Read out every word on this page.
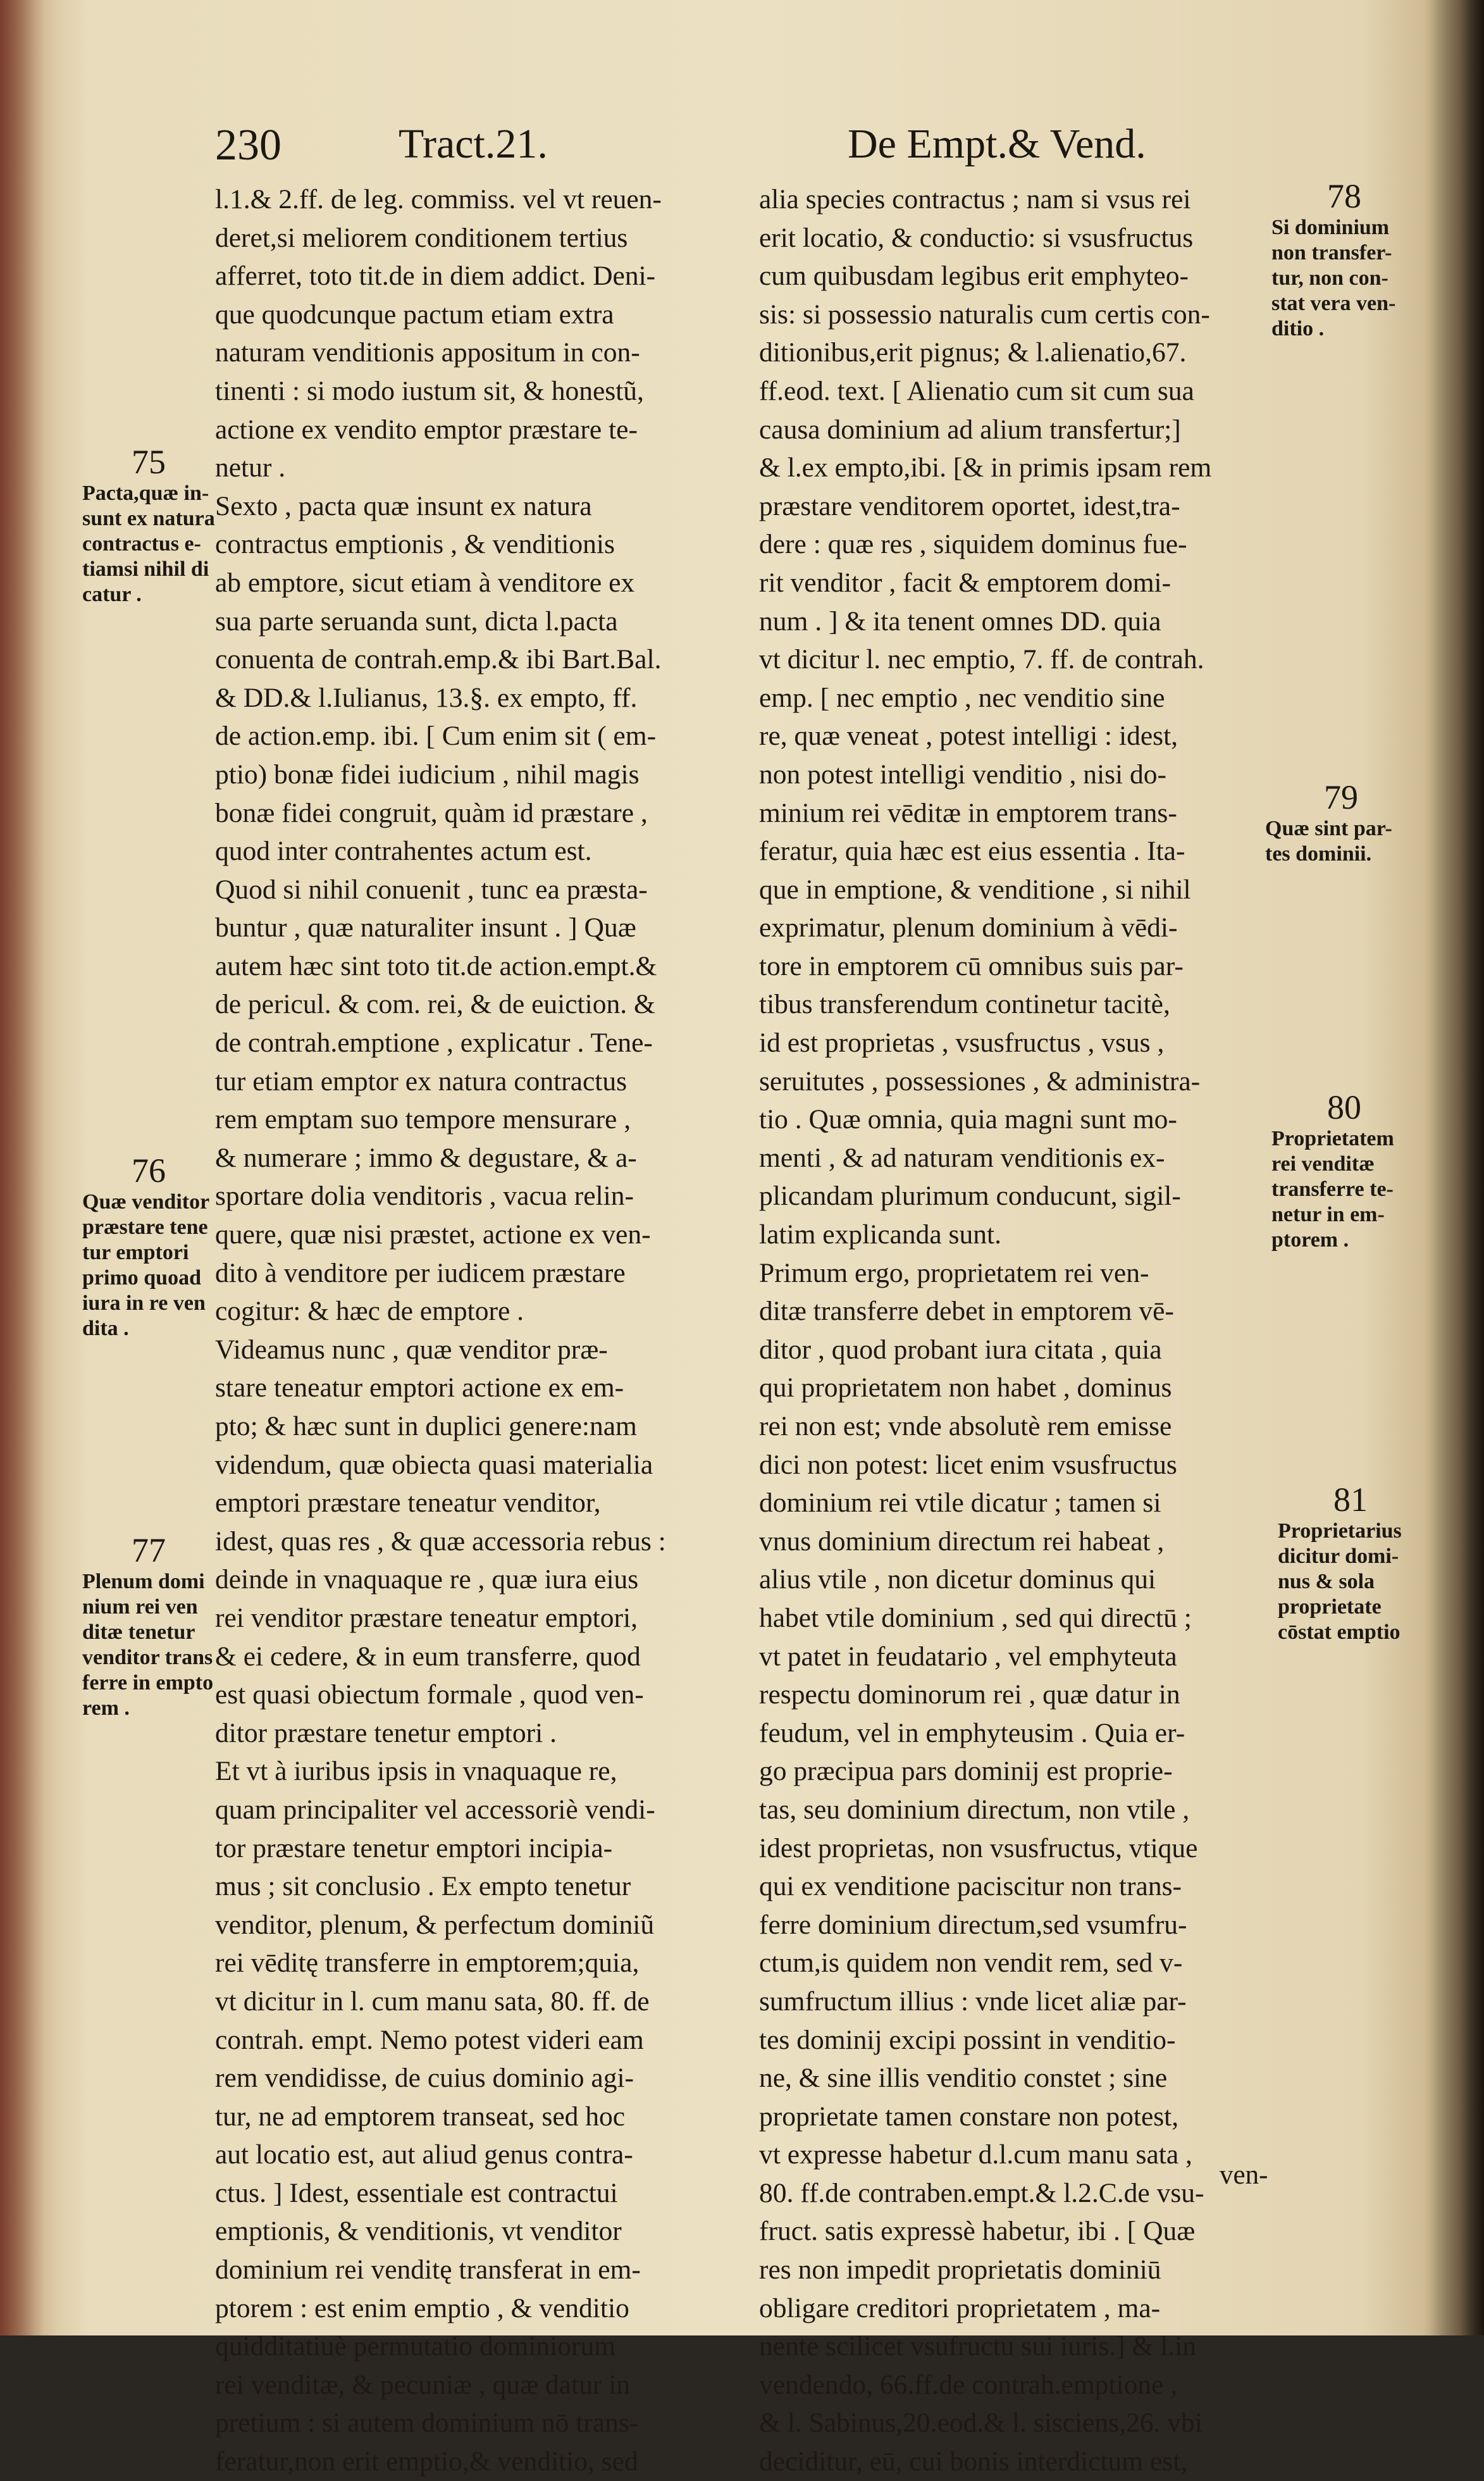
230	Tract.21.	De Empt.& Vend.
l.1.& 2.ff. de leg. commiss. vel vt reuen-
deret,si meliorem conditionem tertius
afferret, toto tit.de in diem addict. Deni-
que quodcunque pactum etiam extra
naturam venditionis appositum in con-
tinenti : si modo iustum sit, & honestũ,
actione ex vendito emptor præstare te-
netur .
Sexto , pacta quæ insunt ex natura
contractus emptionis , & venditionis
ab emptore, sicut etiam à venditore ex
sua parte seruanda sunt, dicta l.pacta
conuenta de contrah.emp.& ibi Bart.Bal.
& DD.& l.Iulianus, 13.§. ex empto, ff.
de action.emp. ibi. [ Cum enim sit ( em-
ptio) bonæ fidei iudicium , nihil magis
bonæ fidei congruit, quàm id præstare ,
quod inter contrahentes actum est.
Quod si nihil conuenit , tunc ea præsta-
buntur , quæ naturaliter insunt . ] Quæ
autem hæc sint toto tit.de action.empt.&
de pericul. & com. rei, & de euiction. &
de contrah.emptione , explicatur . Tene-
tur etiam emptor ex natura contractus
rem emptam suo tempore mensurare ,
& numerare ; immo & degustare, & a-
sportare dolia venditoris , vacua relin-
quere, quæ nisi præstet, actione ex ven-
dito à venditore per iudicem præstare
cogitur: & hæc de emptore .
Videamus nunc , quæ venditor præ-
stare teneatur emptori actione ex em-
pto; & hæc sunt in duplici genere:nam
videndum, quæ obiecta quasi materialia
emptori præstare teneatur venditor,
idest, quas res , & quæ accessoria rebus :
deinde in vnaquaque re , quæ iura eius
rei venditor præstare teneatur emptori,
& ei cedere, & in eum transferre, quod
est quasi obiectum formale , quod ven-
ditor præstare tenetur emptori .
Et vt à iuribus ipsis in vnaquaque re,
quam principaliter vel accessoriè vendi-
tor præstare tenetur emptori incipia-
mus ; sit conclusio . Ex empto tenetur
venditor, plenum, & perfectum dominiũ
rei vēditę transferre in emptorem;quia,
vt dicitur in l. cum manu sata, 80. ff. de
contrah. empt. Nemo potest videri eam
rem vendidisse, de cuius dominio agi-
tur, ne ad emptorem transeat, sed hoc
aut locatio est, aut aliud genus contra-
ctus. ] Idest, essentiale est contractui
emptionis, & venditionis, vt venditor
dominium rei venditę transferat in em-
ptorem : est enim emptio , & venditio
quidditatiuè permutatio dominiorum
rei venditæ, & pecuniæ , quæ datur in
pretium : si autem dominium nō trans-
feratur,non erit emptio,& venditio, sed
alia species contractus ; nam si vsus rei
erit locatio, & conductio: si vsusfructus
cum quibusdam legibus erit emphyteo-
sis: si possessio naturalis cum certis con-
ditionibus,erit pignus; & l.alienatio,67.
ff.eod. text. [ Alienatio cum sit cum sua
causa dominium ad alium transfertur;]
& l.ex empto,ibi. [& in primis ipsam rem
præstare venditorem oportet, idest,tra-
dere : quæ res , siquidem dominus fue-
rit venditor , facit & emptorem domi-
num . ] & ita tenent omnes DD. quia
vt dicitur l. nec emptio, 7. ff. de contrah.
emp. [ nec emptio , nec venditio sine
re, quæ veneat , potest intelligi : idest,
non potest intelligi venditio , nisi do-
minium rei vēditæ in emptorem trans-
feratur, quia hæc est eius essentia . Ita-
que in emptione, & venditione , si nihil
exprimatur, plenum dominium à vēdi-
tore in emptorem cū omnibus suis par-
tibus transferendum continetur tacitè,
id est proprietas , vsusfructus , vsus ,
seruitutes , possessiones , & administra-
tio . Quæ omnia, quia magni sunt mo-
menti , & ad naturam venditionis ex-
plicandam plurimum conducunt, sigil-
latim explicanda sunt.
Primum ergo, proprietatem rei ven-
ditæ transferre debet in emptorem vē-
ditor , quod probant iura citata , quia
qui proprietatem non habet , dominus
rei non est; vnde absolutè rem emisse
dici non potest: licet enim vsusfructus
dominium rei vtile dicatur ; tamen si
vnus dominium directum rei habeat ,
alius vtile , non dicetur dominus qui
habet vtile dominium , sed qui directū ;
vt patet in feudatario , vel emphyteuta
respectu dominorum rei , quæ datur in
feudum, vel in emphyteusim . Quia er-
go præcipua pars dominij est proprie-
tas, seu dominium directum, non vtile ,
idest proprietas, non vsusfructus, vtique
qui ex venditione paciscitur non trans-
ferre dominium directum,sed vsumfru-
ctum,is quidem non vendit rem, sed v-
sumfructum illius : vnde licet aliæ par-
tes dominij excipi possint in venditio-
ne, & sine illis venditio constet ; sine
proprietate tamen constare non potest,
vt expresse habetur d.l.cum manu sata ,
80. ff.de contraben.empt.& l.2.C.de vsu-
fruct. satis expressè habetur, ibi . [ Quæ
res non impedit proprietatis dominiū
obligare creditori proprietatem , ma-
nente scilicet vsufructu sui iuris.] & l.in
vendendo, 66.ff.de contrah.emptione ,
& l. Sabinus,20.eod.& l. sisciens,26. vbi
deciditur, eū, cui bonis interdictum est,
75
Pacta,quæ in-
sunt ex natura
contractus e-
tiamsi nihil di
catur .
76
Quæ venditor
præstare tene
tur emptori
primo quoad
iura in re ven
dita .
77
Plenum domi
nium rei ven
ditæ tenetur
venditor trans
ferre in empto
rem .
78
Si dominium
non transfer-
tur, non con-
stat vera ven-
ditio .
79
Quæ sint par-
tes dominii.
80
Proprietatem
rei venditæ
transferre te-
netur in em-
ptorem .
81
Proprietarius
dicitur domi-
nus & sola
proprietate
cōstat emptio
ven-
